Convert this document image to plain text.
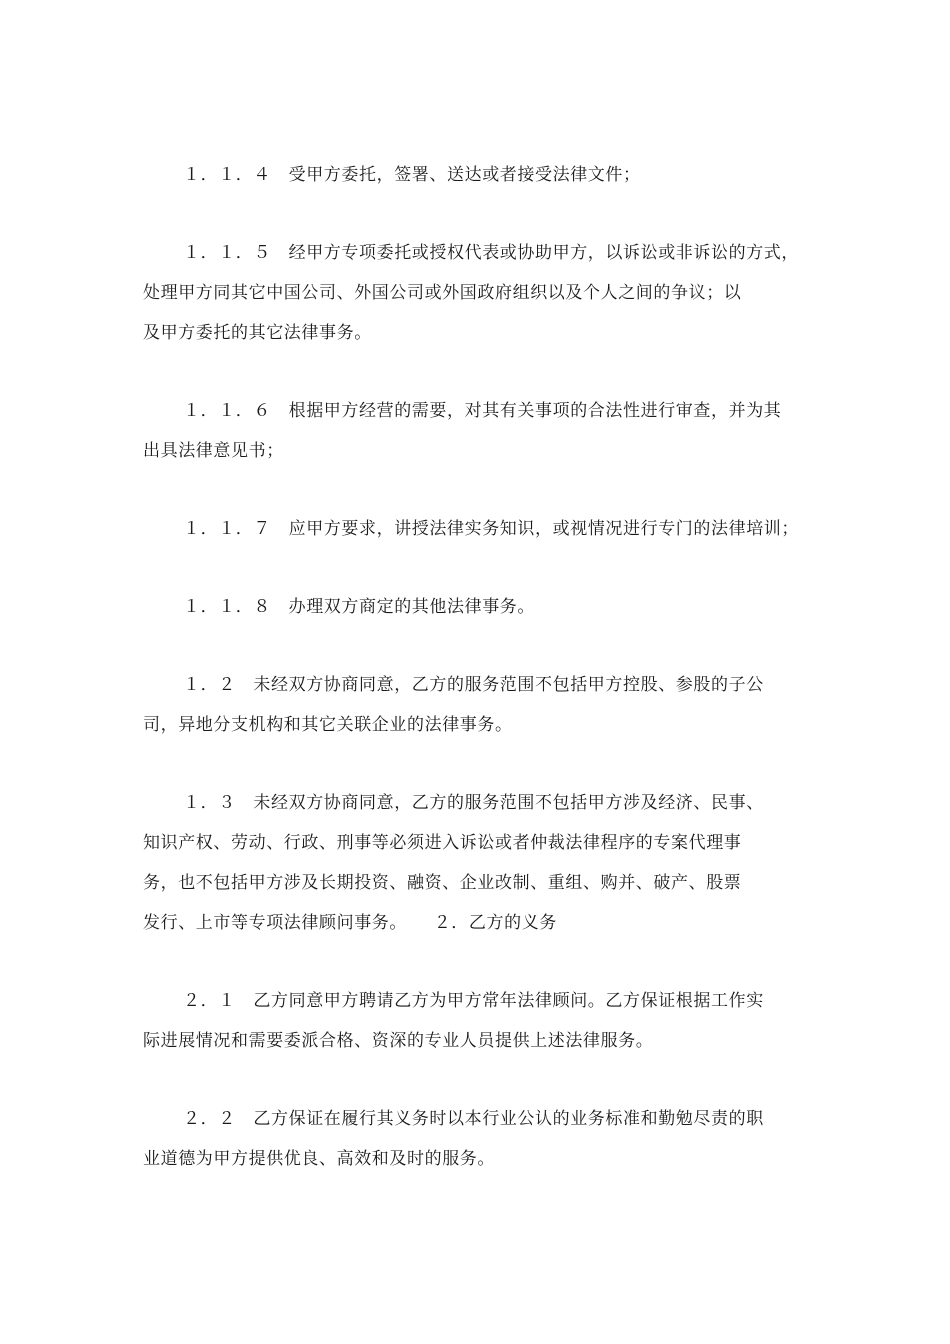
１．１．４　受甲方委托，签署、送达或者接受法律文件；

１．１．５　经甲方专项委托或授权代表或协助甲方，以诉讼或非诉讼的方式，
处理甲方同其它中国公司、外国公司或外国政府组织以及个人之间的争议；以
及甲方委托的其它法律事务。

１．１．６　根据甲方经营的需要，对其有关事项的合法性进行审查，并为其
出具法律意见书；

１．１．７　应甲方要求，讲授法律实务知识，或视情况进行专门的法律培训；

１．１．８　办理双方商定的其他法律事务。

１．２　未经双方协商同意，乙方的服务范围不包括甲方控股、参股的子公
司，异地分支机构和其它关联企业的法律事务。

１．３　未经双方协商同意，乙方的服务范围不包括甲方涉及经济、民事、
知识产权、劳动、行政、刑事等必须进入诉讼或者仲裁法律程序的专案代理事
务，也不包括甲方涉及长期投资、融资、企业改制、重组、购并、破产、股票
发行、上市等专项法律顾问事务。　　２．乙方的义务

２．１　乙方同意甲方聘请乙方为甲方常年法律顾问。乙方保证根据工作实
际进展情况和需要委派合格、资深的专业人员提供上述法律服务。

２．２　乙方保证在履行其义务时以本行业公认的业务标准和勤勉尽责的职
业道德为甲方提供优良、高效和及时的服务。
